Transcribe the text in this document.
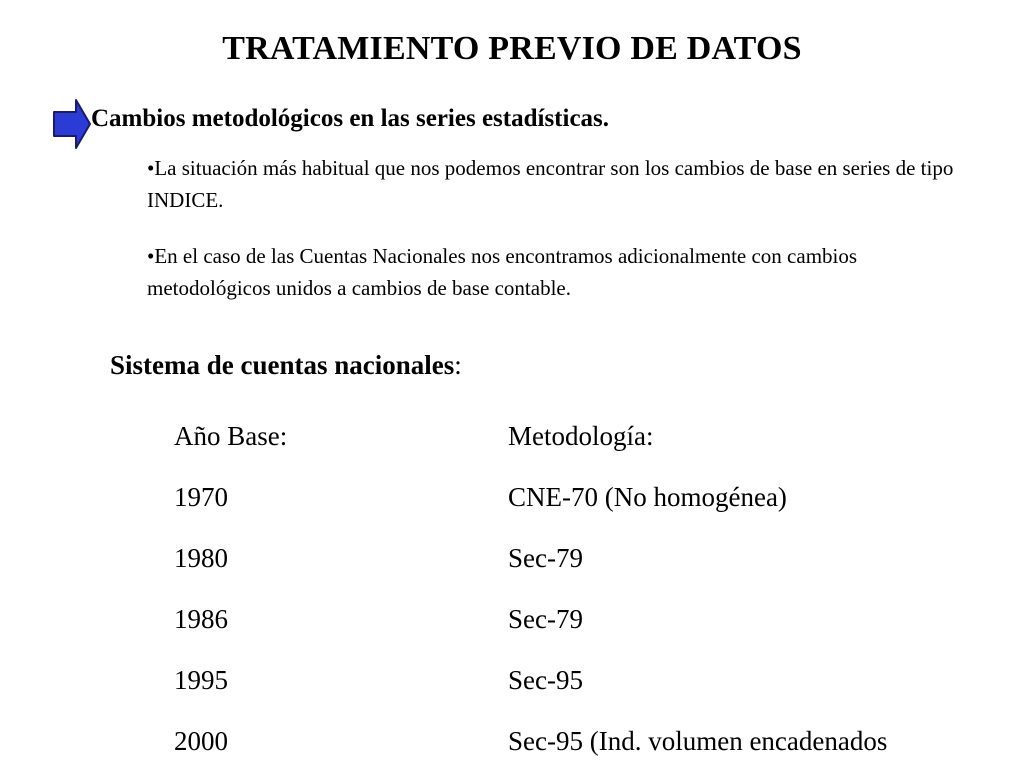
TRATAMIENTO PREVIO DE DATOS
Cambios metodológicos en las series estadísticas.
•La situación más habitual que nos podemos encontrar son los cambios de base en series de tipo INDICE.
•En el caso de las Cuentas Nacionales nos encontramos adicionalmente con cambios metodológicos unidos a cambios de base contable.
Sistema de cuentas nacionales:
Año Base:	Metodología:
1970	CNE-70 (No homogénea)
1980	Sec-79
1986	Sec-79
1995	Sec-95
2000	Sec-95 (Ind. volumen encadenados
